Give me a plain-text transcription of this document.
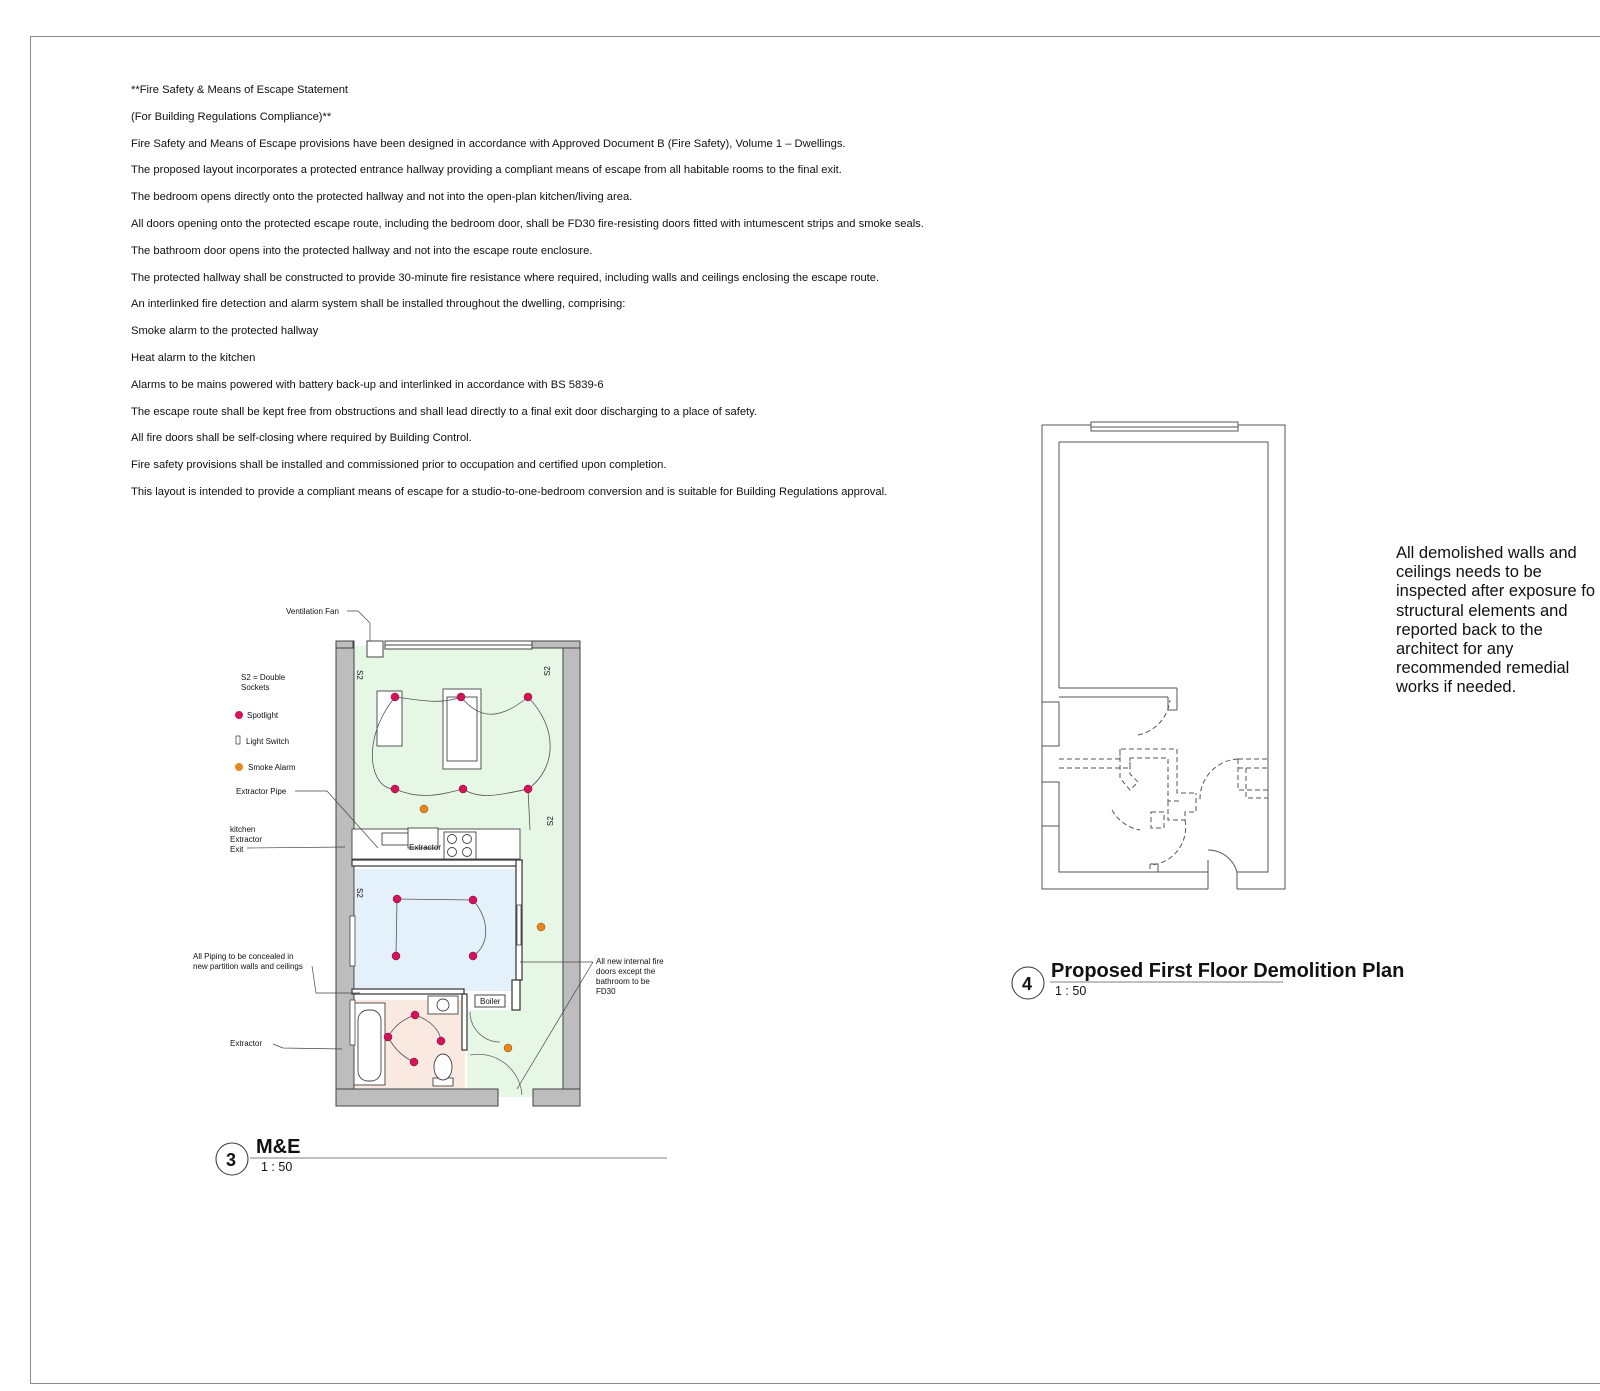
**Fire Safety & Means of Escape Statement

(For Building Regulations Compliance)**

Fire Safety and Means of Escape provisions have been designed in accordance with Approved Document B (Fire Safety), Volume 1 – Dwellings.

The proposed layout incorporates a protected entrance hallway providing a compliant means of escape from all habitable rooms to the final exit.

The bedroom opens directly onto the protected hallway and not into the open-plan kitchen/living area.

All doors opening onto the protected escape route, including the bedroom door, shall be FD30 fire-resisting doors fitted with intumescent strips and smoke seals.

The bathroom door opens into the protected hallway and not into the escape route enclosure.

The protected hallway shall be constructed to provide 30-minute fire resistance where required, including walls and ceilings enclosing the escape route.

An interlinked fire detection and alarm system shall be installed throughout the dwelling, comprising:

Smoke alarm to the protected hallway

Heat alarm to the kitchen

Alarms to be mains powered with battery back-up and interlinked in accordance with BS 5839-6

The escape route shall be kept free from obstructions and shall lead directly to a final exit door discharging to a place of safety.

All fire doors shall be self-closing where required by Building Control.

Fire safety provisions shall be installed and commissioned prior to occupation and certified upon completion.

This layout is intended to provide a compliant means of escape for a studio-to-one-bedroom conversion and is suitable for Building Regulations approval.

All demolished walls and
ceilings needs to be
inspected after exposure fo
structural elements and
reported back to the
architect for any
recommended remedial
works if needed.
Boiler
Extractor
S2	S2
S2
S2
Ventilation Fan
S2 = Double
Sockets
Spotlight
Light Switch
Smoke Alarm
Extractor Pipe
kitchen
Extractor
Exit
All Piping to be concealed in
new partition walls and ceilings
Extractor
All new internal fire
doors except the
bathroom to be
FD30
3
M&E
1 : 50
4
Proposed First Floor Demolition Plan
1 : 50
